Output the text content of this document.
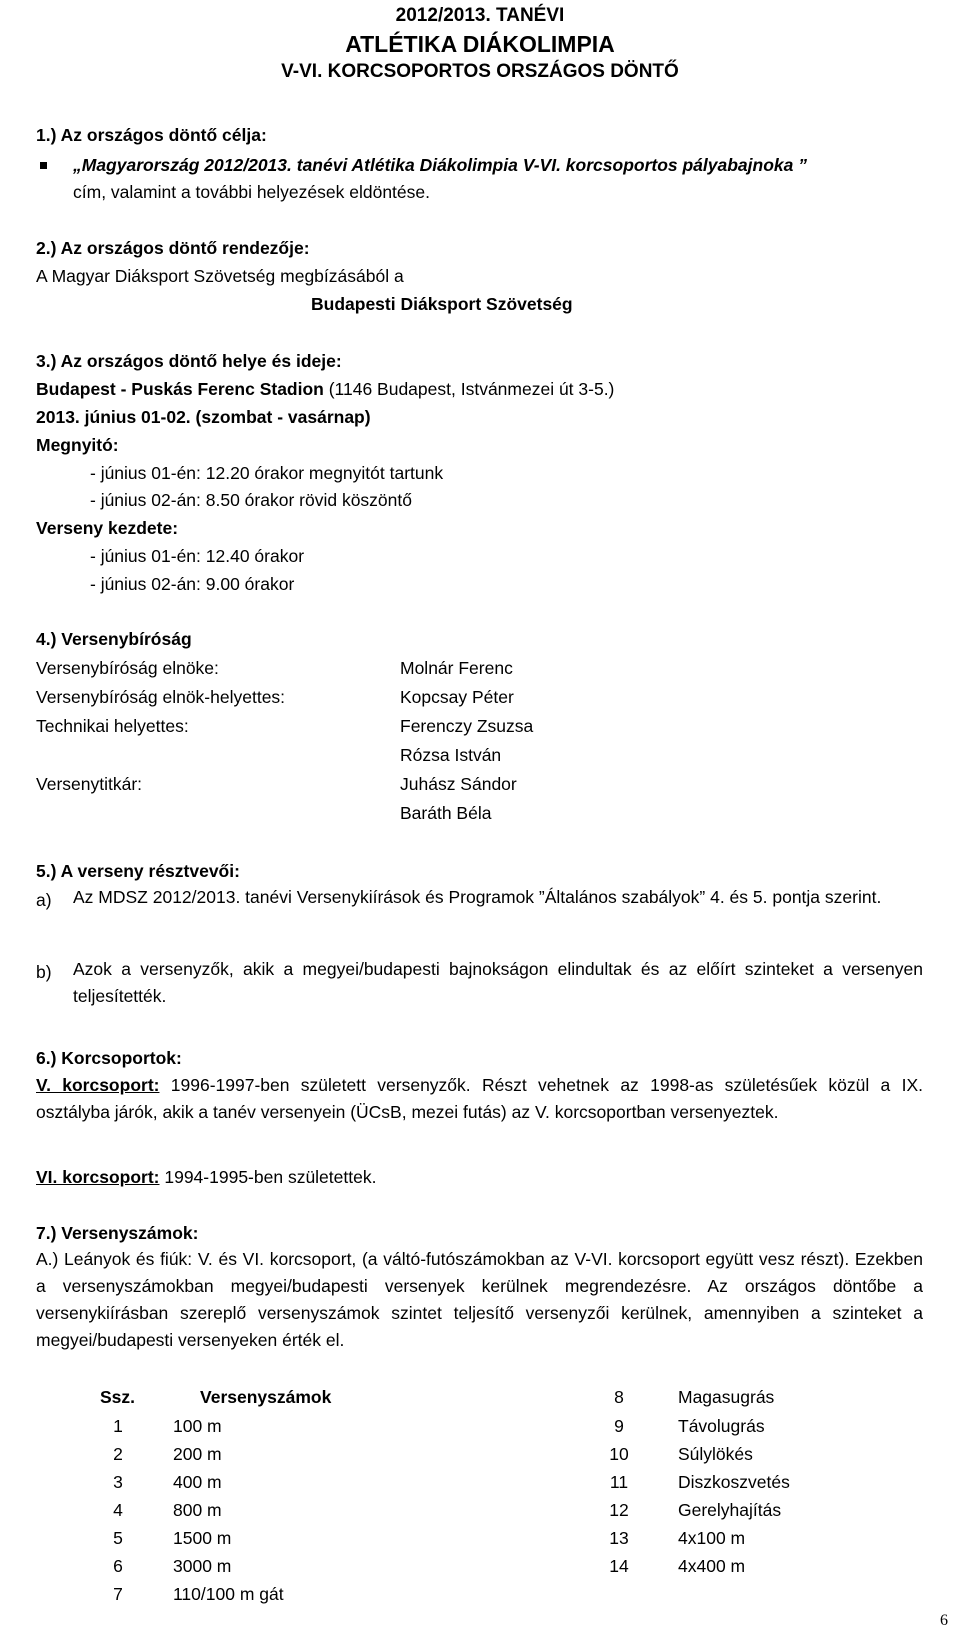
2012/2013. TANÉVI
ATLÉTIKA DIÁKOLIMPIA
V-VI. KORCSOPORTOS ORSZÁGOS DÖNTŐ
1.) Az országos döntő célja:
„Magyarország 2012/2013. tanévi Atlétika Diákolimpia V-VI. korcsoportos pályabajnoka ”
cím, valamint a további helyezések eldöntése.
2.) Az országos döntő rendezője:
A Magyar Diáksport Szövetség megbízásából a
Budapesti Diáksport Szövetség
3.) Az országos döntő helye és ideje:
Budapest - Puskás Ferenc Stadion (1146 Budapest, Istvánmezei út 3-5.)
2013. június 01-02. (szombat - vasárnap)
Megnyitó:
- június 01-én: 12.20 órakor megnyitót tartunk
- június 02-án: 8.50 órakor rövid köszöntő
Verseny kezdete:
- június 01-én: 12.40 órakor
- június 02-án: 9.00 órakor
4.) Versenybíróság
Versenybíróság elnöke:	Molnár Ferenc
Versenybíróság elnök-helyettes:	Kopcsay Péter
Technikai helyettes:	Ferenczy Zsuzsa
Rózsa István
Versenytitkár:	Juhász Sándor
Baráth Béla
5.) A verseny résztvevői:
a) Az MDSZ 2012/2013. tanévi Versenykiírások és Programok ”Általános szabályok” 4. és 5. pontja szerint.
b) Azok a versenyzők, akik a megyei/budapesti bajnokságon elindultak és az előírt szinteket a versenyen teljesítették.
6.) Korcsoportok:
V. korcsoport: 1996-1997-ben született versenyzők. Részt vehetnek az 1998-as születésűek közül a IX. osztályba járók, akik a tanév versenyein (ÜCsB, mezei futás) az V. korcsoportban versenyeztek.
VI. korcsoport: 1994-1995-ben születettek.
7.) Versenyszámok:
A.) Leányok és fiúk: V. és VI. korcsoport, (a váltó-futószámokban az V-VI. korcsoport együtt vesz részt). Ezekben a versenyszámokban megyei/budapesti versenyek kerülnek megrendezésre. Az országos döntőbe a versenykiírásban szereplő versenyszámok szintet teljesítő versenyzői kerülnek, amennyiben a szinteket a megyei/budapesti versenyeken érték el.
Ssz.	Versenyszámok
1	100 m
2	200 m
3	400 m
4	800 m
5	1500 m
6	3000 m
7	110/100 m gát
8	Magasugrás
9	Távolugrás
10	Súlylökés
11	Diszkoszvetés
12	Gerelyhajítás
13	4x100 m
14	4x400 m
6
